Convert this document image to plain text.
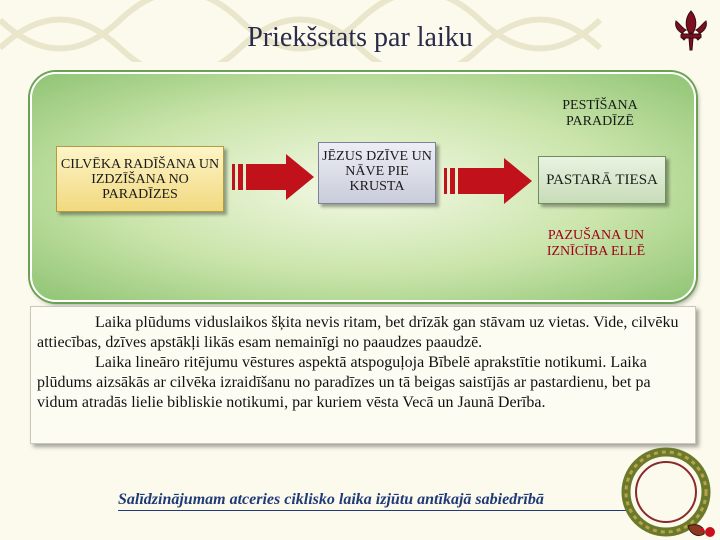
Priekšstats par laiku
PESTĪŠANA PARADĪZĒ
CILVĒKA RADĪŠANA UN IZDZĪŠANA NO PARADĪZES
JĒZUS DZĪVE UN NĀVE PIE KRUSTA	PASTARĀ TIESA
PAZUŠANA UN IZNĪCĪBA ELLĒ

Laika plūdums viduslaikos šķita nevis ritam, bet drīzāk gan stāvam uz vietas. Vide, cilvēku attiecības, dzīves apstākļi likās esam nemainīgi no paaudzes paaudzē.

Laika lineāro ritējumu vēstures aspektā atspoguļoja Bībelē aprakstītie notikumi. Laika plūdums aizsākās ar cilvēka izraidīšanu no paradīzes un tā beigas saistījās ar pastardienu, bet pa vidum atradās lielie bibliskie notikumi, par kuriem vēsta Vecā un Jaunā Derība.

Salīdzinājumam atceries ciklisko laika izjūtu antīkajā sabiedrībā
